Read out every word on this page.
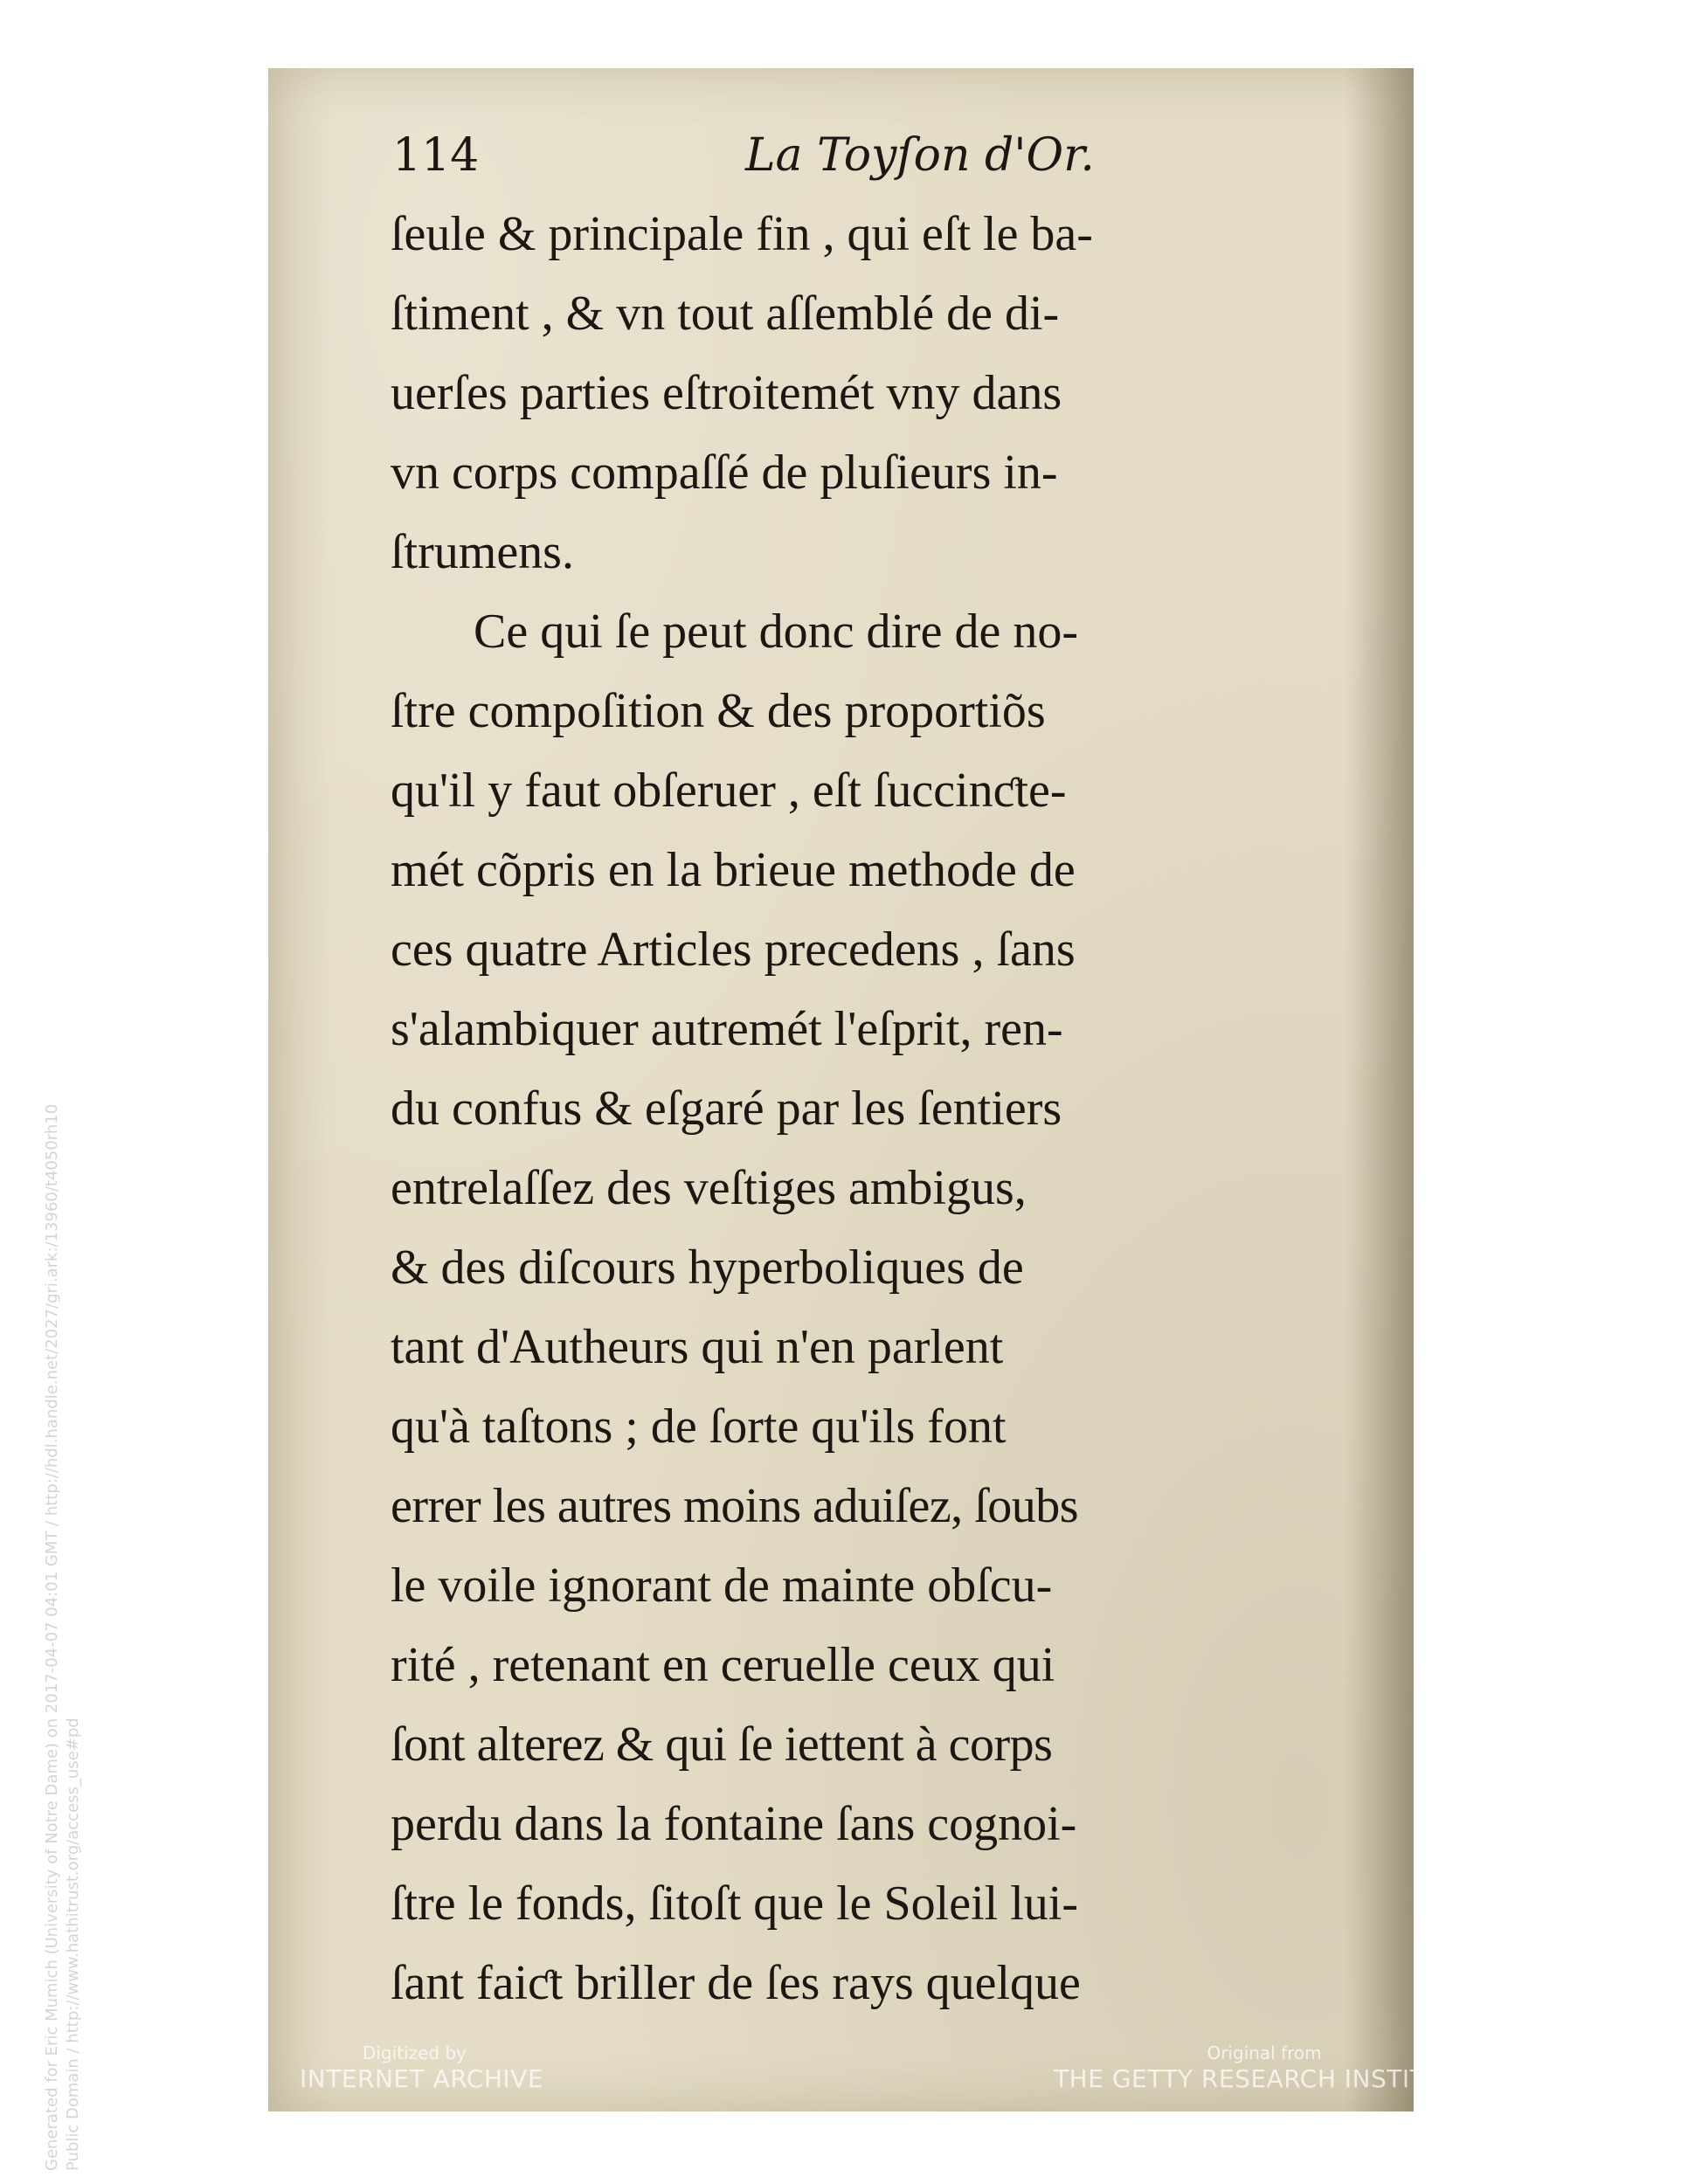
114	La Toyſon d'Or.
ſeule & principale fin , qui eſt le ba-
ſtiment , & vn tout aſſemblé de di-
uerſes parties eſtroitemét vny dans
vn corps compaſſé de pluſieurs in-
ſtrumens.
Ce qui ſe peut donc dire de no-
ſtre compoſition & des proportiõs
qu'il y faut obſeruer , eſt ſuccinƈte-
mét cõpris en la brieue methode de
ces quatre Articles precedens , ſans
s'alambiquer autremét l'eſprit, ren-
du confus & eſgaré par les ſentiers
entrelaſſez des veſtiges ambigus,
& des diſcours hyperboliques de
tant d'Autheurs qui n'en parlent
qu'à taſtons ; de ſorte qu'ils font
errer les autres moins aduiſez, ſoubs
le voile ignorant de mainte obſcu-
rité , retenant en ceruelle ceux qui
ſont alterez & qui ſe iettent à corps
perdu dans la fontaine ſans cognoi-
ſtre le fonds, ſitoſt que le Soleil lui-
ſant faiƈt briller de ſes rays quelque
Digitized by
INTERNET ARCHIVE
Original from
THE GETTY RESEARCH INSTITUTE
Generated for Eric Mumich (University of Notre Dame) on 2017-04-07 04:01 GMT / http://hdl.handle.net/2027/gri.ark:/13960/t4050rh10 Public Domain / http://www.hathitrust.org/access_use#pd
